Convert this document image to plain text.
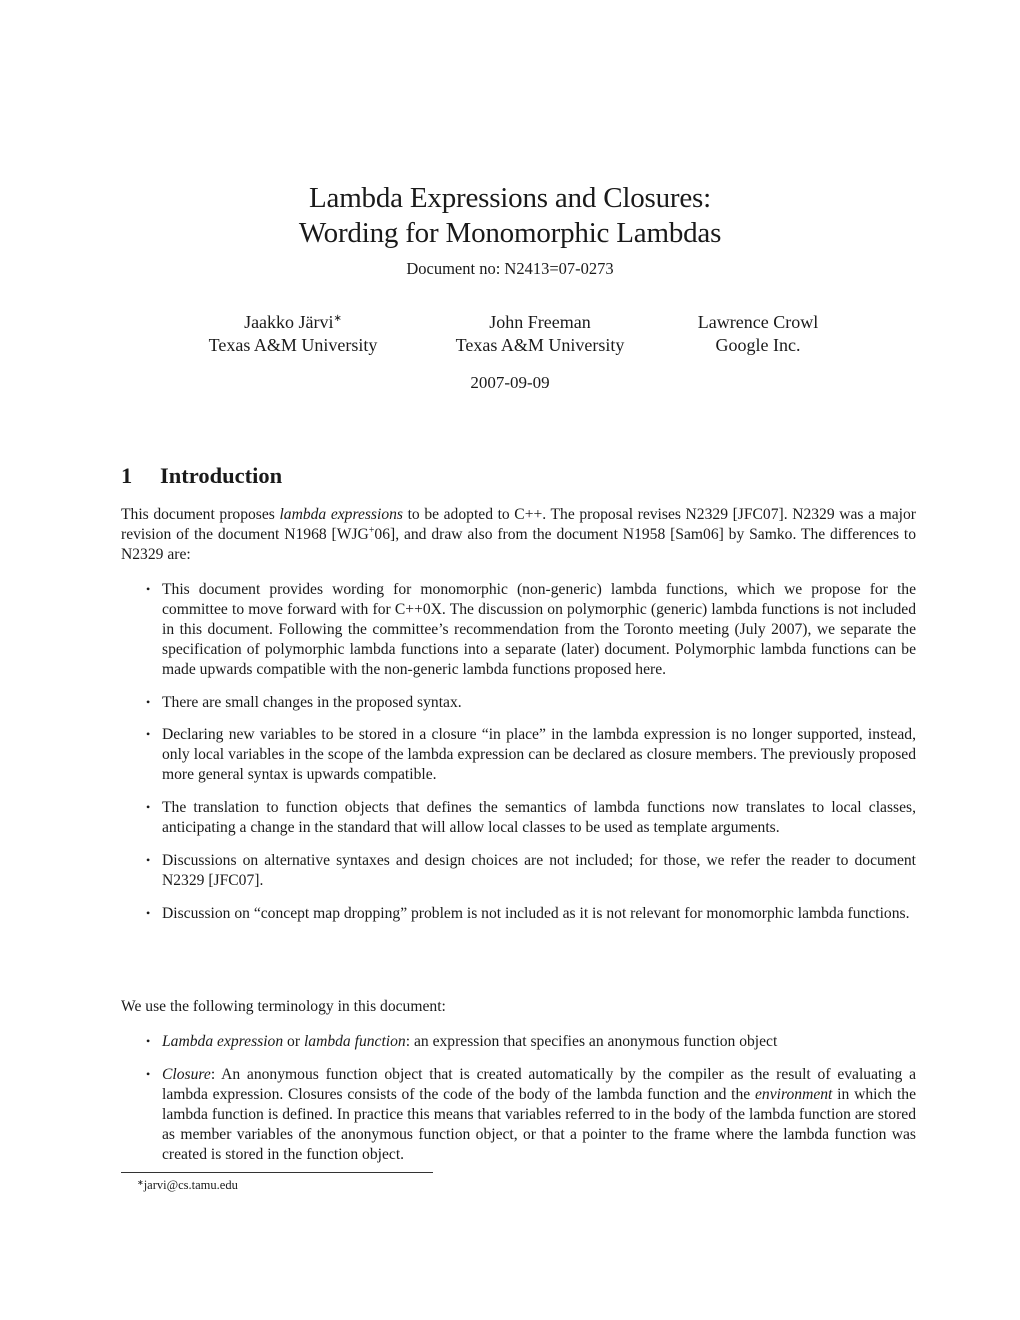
Lambda Expressions and Closures:
Wording for Monomorphic Lambdas
Document no: N2413=07-0273
Jaakko Järvi∗
Texas A&M University
John Freeman
Texas A&M University
Lawrence Crowl
Google Inc.
2007-09-09
1 Introduction

This document proposes lambda expressions to be adopted to C++. The proposal revises N2329 [JFC07]. N2329 was a major revision of the document N1968 [WJG+06], and draw also from the document N1958 [Sam06] by Samko. The differences to N2329 are:

• This document provides wording for monomorphic (non-generic) lambda functions, which we propose for the committee to move forward with for C++0X. The discussion on polymorphic (generic) lambda functions is not included in this document. Following the committee’s recommendation from the Toronto meeting (July 2007), we separate the specification of polymorphic lambda functions into a separate (later) document. Polymorphic lambda functions can be made upwards compatible with the non-generic lambda functions proposed here.
• There are small changes in the proposed syntax.
• Declaring new variables to be stored in a closure “in place” in the lambda expression is no longer supported, instead, only local variables in the scope of the lambda expression can be declared as closure members. The previously proposed more general syntax is upwards compatible.
• The translation to function objects that defines the semantics of lambda functions now translates to local classes, anticipating a change in the standard that will allow local classes to be used as template arguments.
• Discussions on alternative syntaxes and design choices are not included; for those, we refer the reader to document N2329 [JFC07].
• Discussion on “concept map dropping” problem is not included as it is not relevant for monomorphic lambda functions.

We use the following terminology in this document:

• Lambda expression or lambda function: an expression that specifies an anonymous function object
• Closure: An anonymous function object that is created automatically by the compiler as the result of evaluating a lambda expression. Closures consists of the code of the body of the lambda function and the environment in which the lambda function is defined. In practice this means that variables referred to in the body of the lambda function are stored as member variables of the anonymous function object, or that a pointer to the frame where the lambda function was created is stored in the function object.
∗jarvi@cs.tamu.edu
